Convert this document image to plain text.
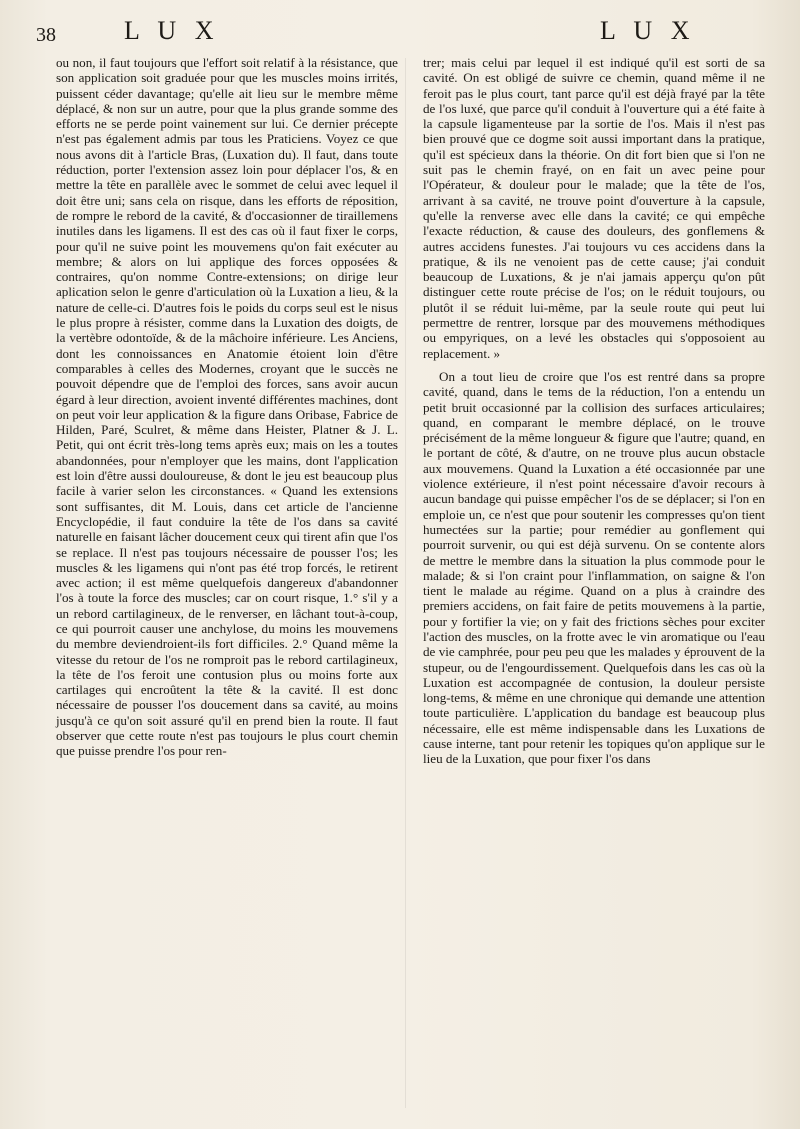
38	L U X	L U X

ou non, il faut toujours que l'effort soit relatif à la résistance, que son application soit graduée pour que les muscles moins irrités, puissent céder davantage; qu'elle ait lieu sur le membre même déplacé, & non sur un autre, pour que la plus grande somme des efforts ne se perde point vainement sur lui. Ce dernier précepte n'est pas également admis par tous les Praticiens. Voyez ce que nous avons dit à l'article Bras, (Luxation du). Il faut, dans toute réduction, porter l'extension assez loin pour déplacer l'os, & en mettre la tête en parallèle avec le sommet de celui avec lequel il doit être uni; sans cela on risque, dans les efforts de réposition, de rompre le rebord de la cavité, & d'occasionner de tiraillemens inutiles dans les ligamens. Il est des cas où il faut fixer le corps, pour qu'il ne suive point les mouvemens qu'on fait exécuter au membre; & alors on lui applique des forces opposées & contraires, qu'on nomme Contre-extensions; on dirige leur aplication selon le genre d'articulation où la Luxation a lieu, & la nature de celle-ci. D'autres fois le poids du corps seul est le nisus le plus propre à résister, comme dans la Luxation des doigts, de la vertèbre odontoïde, & de la mâchoire inférieure. Les Anciens, dont les connoissances en Anatomie étoient loin d'être comparables à celles des Modernes, croyant que le succès ne pouvoit dépendre que de l'emploi des forces, sans avoir aucun égard à leur direction, avoient inventé différentes machines, dont on peut voir leur application & la figure dans Oribase, Fabrice de Hilden, Paré, Sculret, & même dans Heister, Platner & J. L. Petit, qui ont écrit très-long tems après eux; mais on les a toutes abandonnées, pour n'employer que les mains, dont l'application est loin d'être aussi douloureuse, & dont le jeu est beaucoup plus facile à varier selon les circonstances. « Quand les extensions sont suffisantes, dit M. Louis, dans cet article de l'ancienne Encyclopédie, il faut conduire la tête de l'os dans sa cavité naturelle en faisant lâcher doucement ceux qui tirent afin que l'os se replace. Il n'est pas toujours nécessaire de pousser l'os; les muscles & les ligamens qui n'ont pas été trop forcés, le retirent avec action; il est même quelquefois dangereux d'abandonner l'os à toute la force des muscles; car on court risque, 1.° s'il y a un rebord cartilagineux, de le renverser, en lâchant tout-à-coup, ce qui pourroit causer une anchylose, du moins les mouvemens du membre deviendroient-ils fort difficiles. 2.° Quand même la vitesse du retour de l'os ne romproit pas le rebord cartilagineux, la tête de l'os feroit une contusion plus ou moins forte aux cartilages qui encroûtent la tête & la cavité. Il est donc nécessaire de pousser l'os doucement dans sa cavité, au moins jusqu'à ce qu'on soit assuré qu'il en prend bien la route. Il faut observer que cette route n'est pas toujours le plus court chemin que puisse prendre l'os pour ren-

trer; mais celui par lequel il est indiqué qu'il est sorti de sa cavité. On est obligé de suivre ce chemin, quand même il ne feroit pas le plus court, tant parce qu'il est déjà frayé par la tête de l'os luxé, que parce qu'il conduit à l'ouverture qui a été faite à la capsule ligamenteuse par la sortie de l'os. Mais il n'est pas bien prouvé que ce dogme soit aussi important dans la pratique, qu'il est spécieux dans la théorie. On dit fort bien que si l'on ne suit pas le chemin frayé, on en fait un avec peine pour l'Opérateur, & douleur pour le malade; que la tête de l'os, arrivant à sa cavité, ne trouve point d'ouverture à la capsule, qu'elle la renverse avec elle dans la cavité; ce qui empêche l'exacte réduction, & cause des douleurs, des gonflemens & autres accidens funestes. J'ai toujours vu ces accidens dans la pratique, & ils ne venoient pas de cette cause; j'ai conduit beaucoup de Luxations, & je n'ai jamais apperçu qu'on pût distinguer cette route précise de l'os; on le réduit toujours, ou plutôt il se réduit lui-même, par la seule route qui peut lui permettre de rentrer, lorsque par des mouvemens méthodiques ou empyriques, on a levé les obstacles qui s'opposoient au replacement. »

On a tout lieu de croire que l'os est rentré dans sa propre cavité, quand, dans le tems de la réduction, l'on a entendu un petit bruit occasionné par la collision des surfaces articulaires; quand, en comparant le membre déplacé, on le trouve précisément de la même longueur & figure que l'autre; quand, en le portant de côté, & d'autre, on ne trouve plus aucun obstacle aux mouvemens. Quand la Luxation a été occasionnée par une violence extérieure, il n'est point nécessaire d'avoir recours à aucun bandage qui puisse empêcher l'os de se déplacer; si l'on en emploie un, ce n'est que pour soutenir les compresses qu'on tient humectées sur la partie; pour remédier au gonflement qui pourroit survenir, ou qui est déjà survenu. On se contente alors de mettre le membre dans la situation la plus commode pour le malade; & si l'on craint pour l'inflammation, on saigne & l'on tient le malade au régime. Quand on a plus à craindre des premiers accidens, on fait faire de petits mouvemens à la partie, pour y fortifier la vie; on y fait des frictions sèches pour exciter l'action des muscles, on la frotte avec le vin aromatique ou l'eau de vie camphrée, pour peu peu que les malades y éprouvent de la stupeur, ou de l'engourdissement. Quelquefois dans les cas où la Luxation est accompagnée de contusion, la douleur persiste long-tems, & même en une chronique qui demande une attention toute particulière. L'application du bandage est beaucoup plus nécessaire, elle est même indispensable dans les Luxations de cause interne, tant pour retenir les topiques qu'on applique sur le lieu de la Luxation, que pour fixer l'os dans
